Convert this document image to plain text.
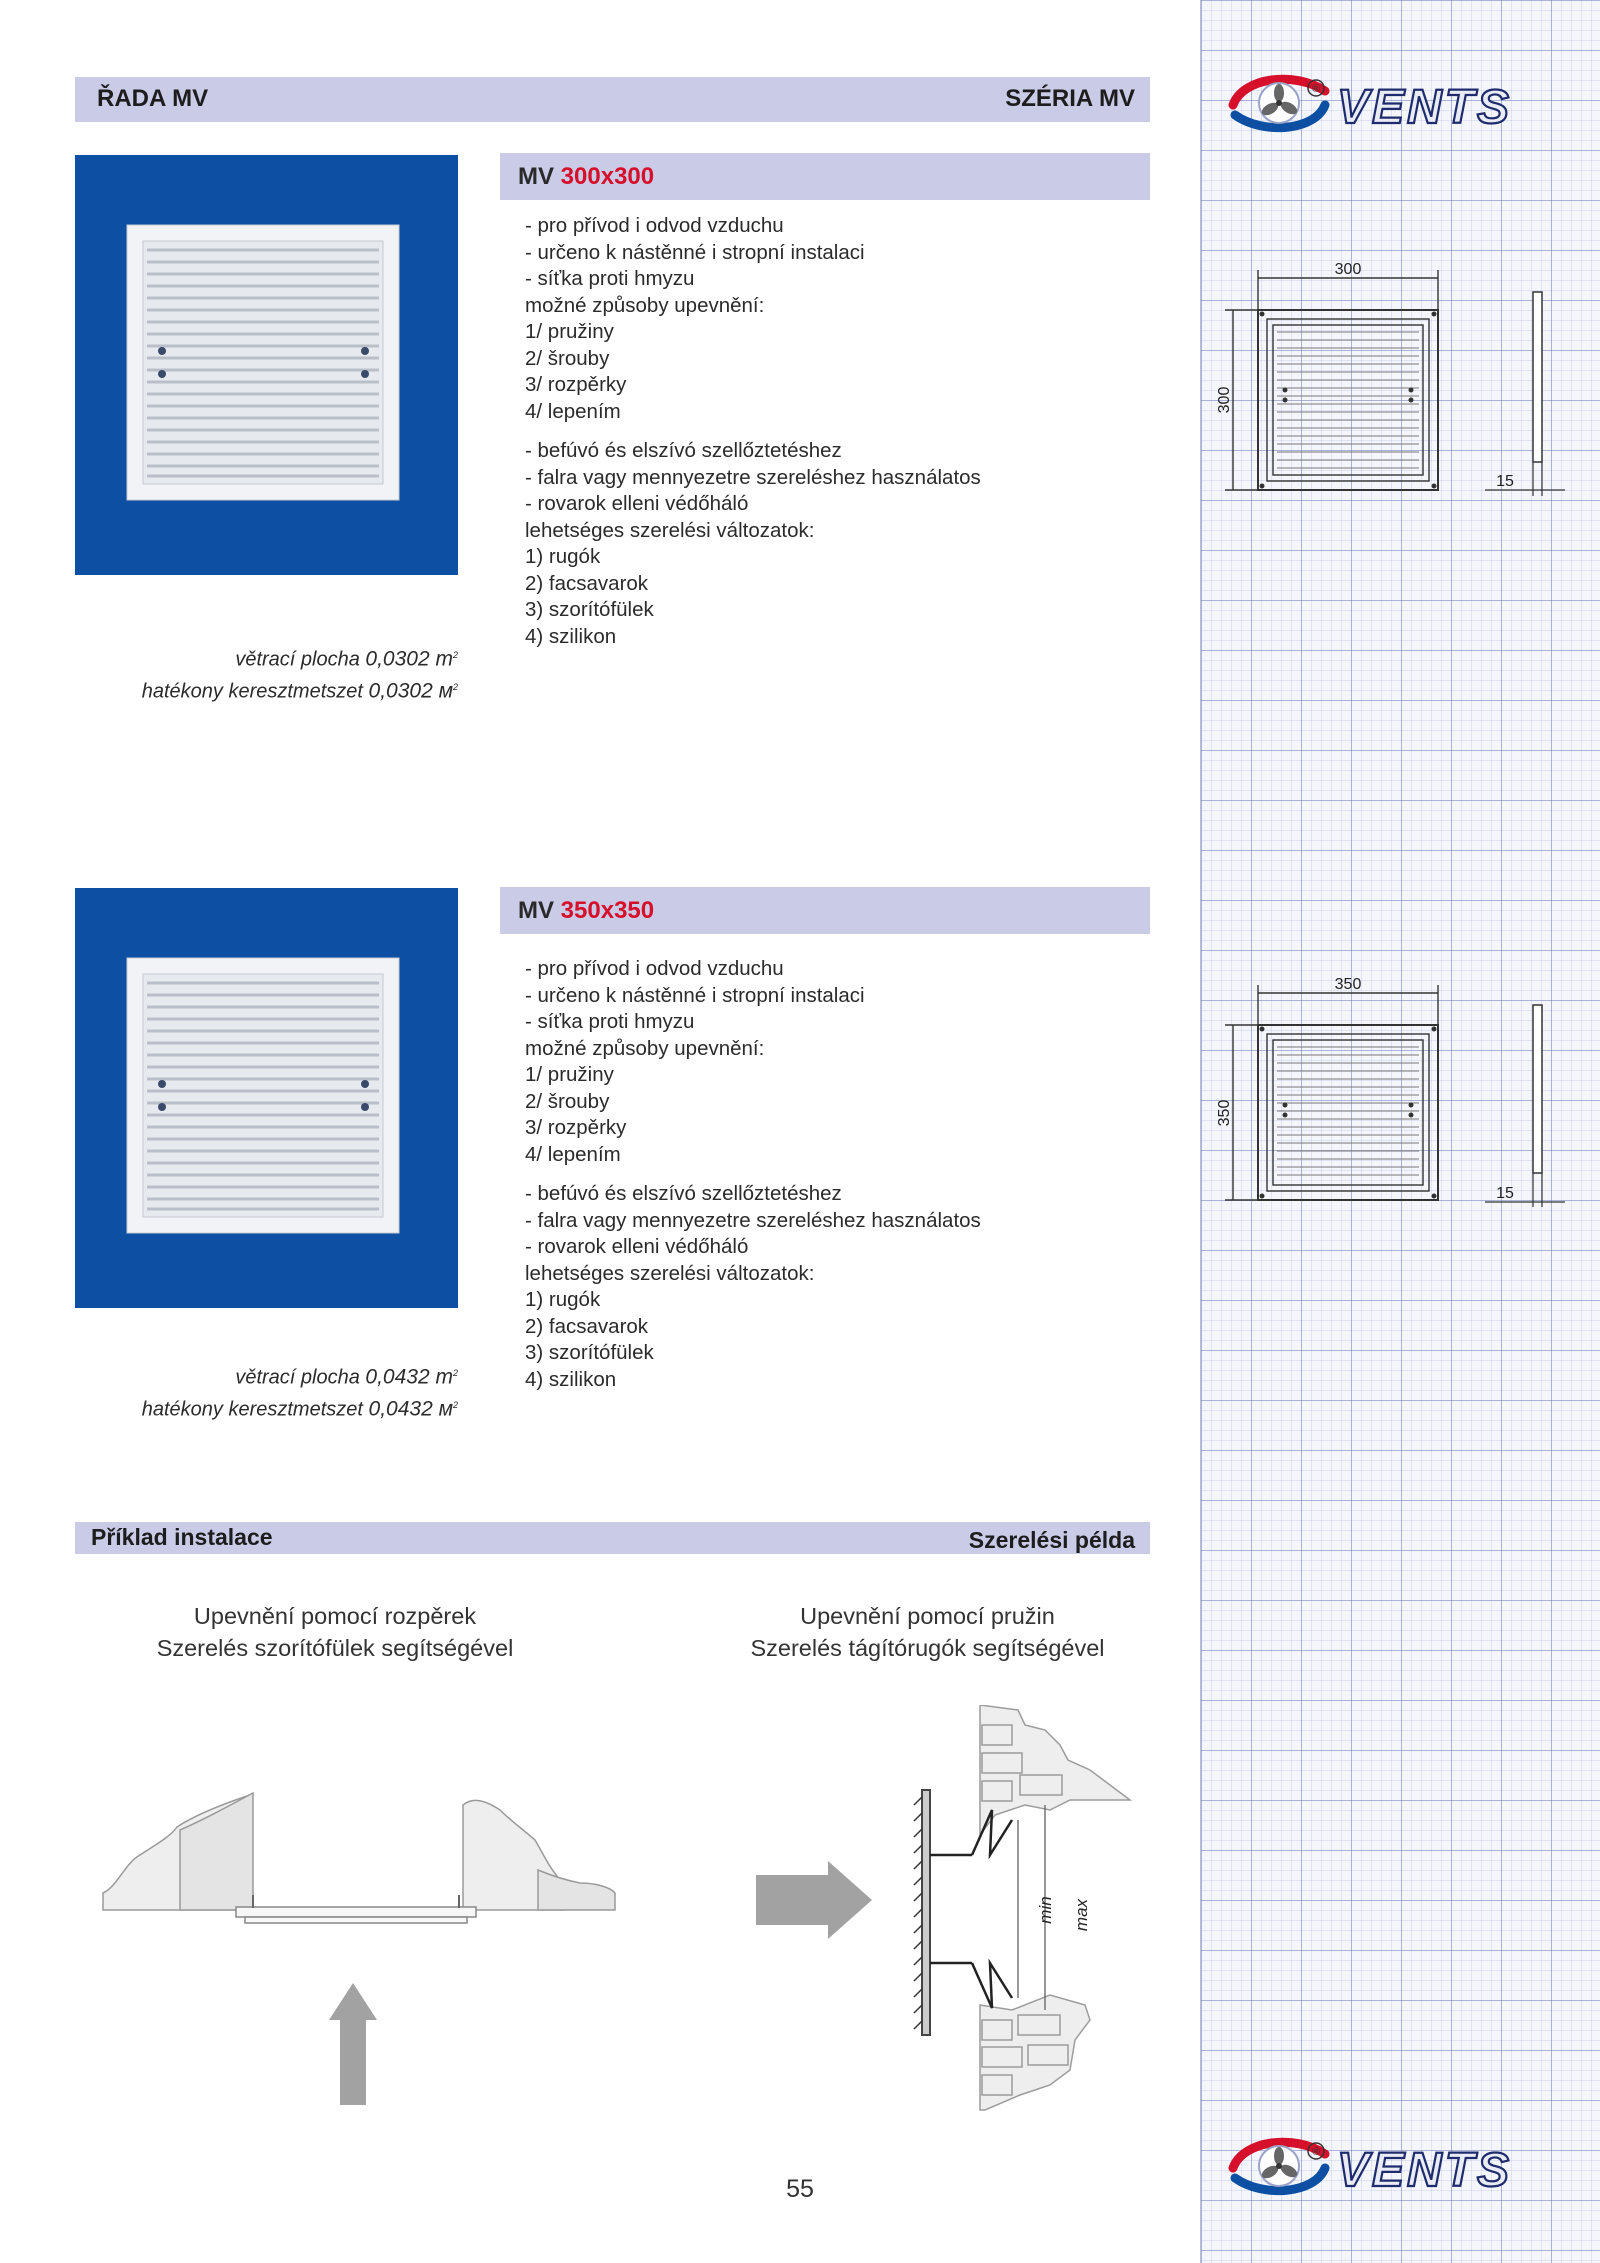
® VENTS
® VENTS
300
300
15
350
350
15
ŘADA MV	SZÉRIA MV
MV 300x300
- pro přívod i odvod vzduchu
- určeno k nástěnné i stropní instalaci
- síťka proti hmyzu
možné způsoby upevnění:
1/ pružiny
2/ šrouby
3/ rozpěrky
4/ lepením
- befúvó és elszívó szellőztetéshez
- falra vagy mennyezetre szereléshez használatos
- rovarok elleni védőháló
lehetséges szerelési változatok:
1) rugók
2) facsavarok
3) szorítófülek
4) szilikon
větrací plocha 0,0302 $m^2$
hatékony keresztmetszet 0,0302 $м^2$
MV 350x350
- pro přívod i odvod vzduchu
- určeno k nástěnné i stropní instalaci
- síťka proti hmyzu
možné způsoby upevnění:
1/ pružiny
2/ šrouby
3/ rozpěrky
4/ lepením
- befúvó és elszívó szellőztetéshez
- falra vagy mennyezetre szereléshez használatos
- rovarok elleni védőháló
lehetséges szerelési változatok:
1) rugók
2) facsavarok
3) szorítófülek
4) szilikon
větrací plocha 0,0432 $m^2$
hatékony keresztmetszet 0,0432 $м^2$
Příklad instalace	Szerelési példa
Upevnění pomocí rozpěrek
Szerelés szorítófülek segítségével
Upevnění pomocí pružin
Szerelés tágítórugók segítségével
min max
55
